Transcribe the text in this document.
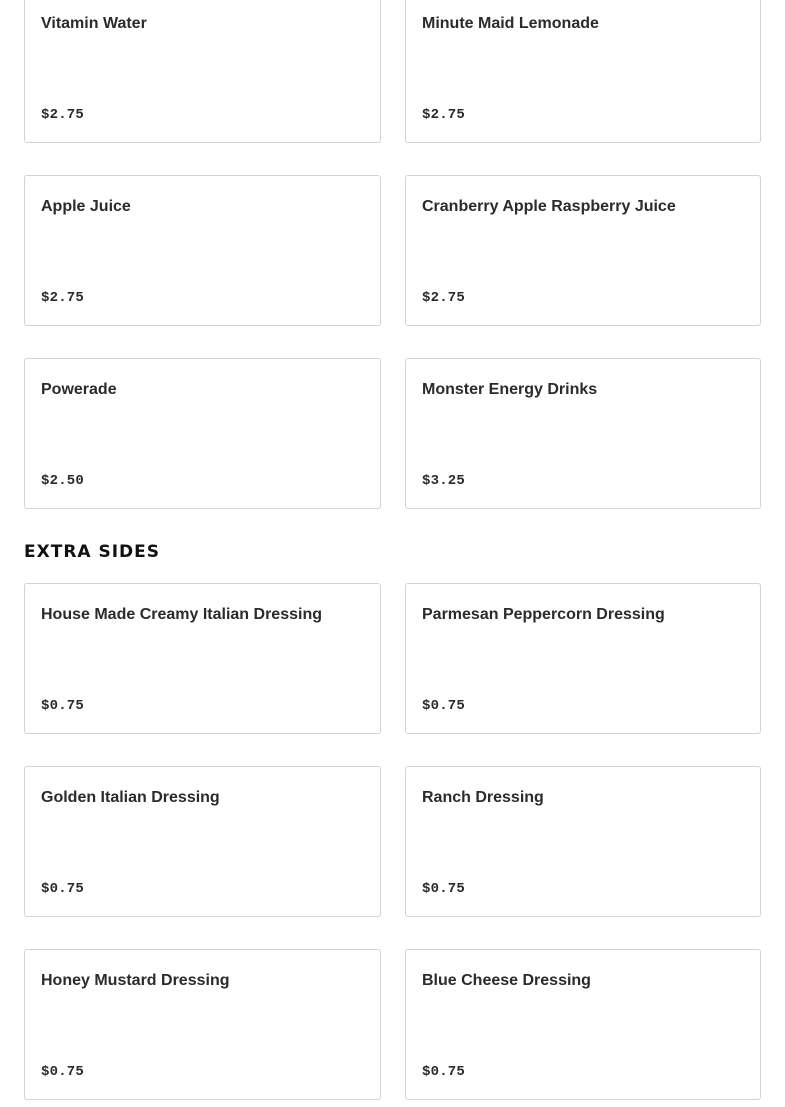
Vitamin Water
$2.75
Minute Maid Lemonade
$2.75
Apple Juice
$2.75
Cranberry Apple Raspberry Juice
$2.75
Powerade
$2.50
Monster Energy Drinks
$3.25
EXTRA SIDES
House Made Creamy Italian Dressing
$0.75
Parmesan Peppercorn Dressing
$0.75
Golden Italian Dressing
$0.75
Ranch Dressing
$0.75
Honey Mustard Dressing
$0.75
Blue Cheese Dressing
$0.75
